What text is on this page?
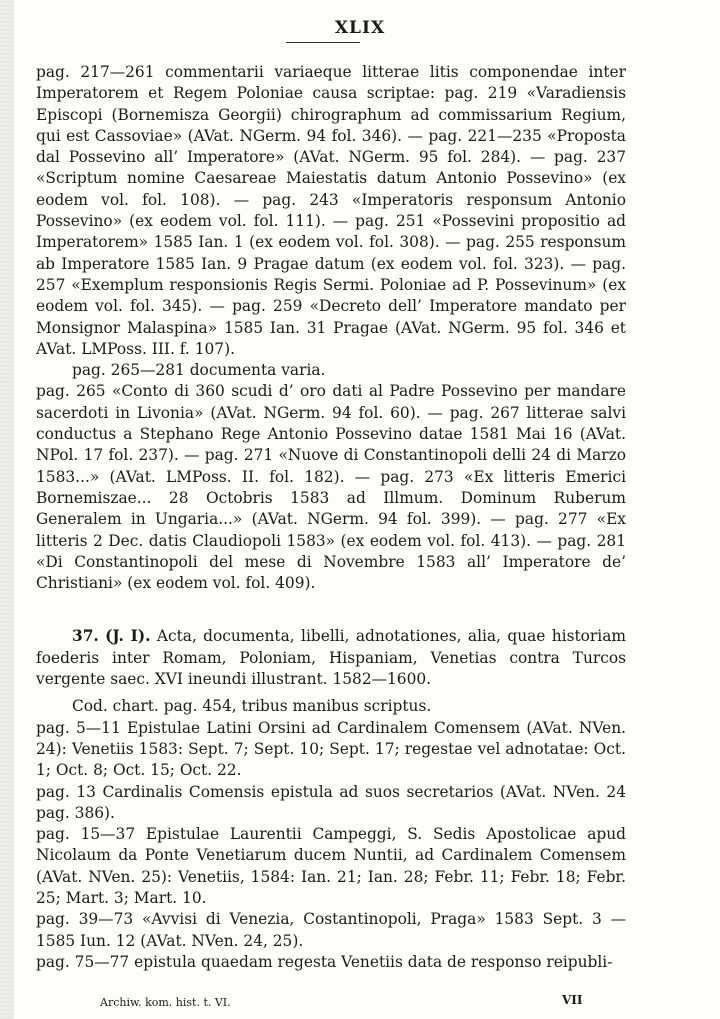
XLIX

pag. 217—261 commentarii variaeque litterae litis componendae inter Imperatorem et Regem Poloniae causa scriptae: pag. 219 «Varadiensis Episcopi (Bornemisza Georgii) chirographum ad commissarium Regium, qui est Cassoviae» (AVat. NGerm. 94 fol. 346). — pag. 221—235 «Proposta dal Possevino all’ Imperatore» (AVat. NGerm. 95 fol. 284). — pag. 237 «Scriptum nomine Caesareae Maiestatis datum Antonio Possevino» (ex eodem vol. fol. 108). — pag. 243 «Imperatoris responsum Antonio Possevino» (ex eodem vol. fol. 111). — pag. 251 «Possevini propositio ad Imperatorem» 1585 Ian. 1 (ex eodem vol. fol. 308). — pag. 255 responsum ab Imperatore 1585 Ian. 9 Pragae datum (ex eodem vol. fol. 323). — pag. 257 «Exemplum responsionis Regis Sermi. Poloniae ad P. Possevinum» (ex eodem vol. fol. 345). — pag. 259 «Decreto dell’ Imperatore mandato per Monsignor Malaspina» 1585 Ian. 31 Pragae (AVat. NGerm. 95 fol. 346 et AVat. LMPoss. III. f. 107).

pag. 265—281 documenta varia.

pag. 265 «Conto di 360 scudi d’ oro dati al Padre Possevino per mandare sacerdoti in Livonia» (AVat. NGerm. 94 fol. 60). — pag. 267 litterae salvi conductus a Stephano Rege Antonio Possevino datae 1581 Mai 16 (AVat. NPol. 17 fol. 237). — pag. 271 «Nuove di Constantinopoli delli 24 di Marzo 1583...» (AVat. LMPoss. II. fol. 182). — pag. 273 «Ex litteris Emerici Bornemiszae... 28 Octobris 1583 ad Illmum. Dominum Ruberum Generalem in Ungaria...» (AVat. NGerm. 94 fol. 399). — pag. 277 «Ex litteris 2 Dec. datis Claudiopoli 1583» (ex eodem vol. fol. 413). — pag. 281 «Di Constantinopoli del mese di Novembre 1583 all’ Imperatore de’ Christiani» (ex eodem vol. fol. 409).

37. (J. I). Acta, documenta, libelli, adnotationes, alia, quae historiam foederis inter Romam, Poloniam, Hispaniam, Venetias contra Turcos vergente saec. XVI ineundi illustrant. 1582—1600.

Cod. chart. pag. 454, tribus manibus scriptus.

pag. 5—11 Epistulae Latini Orsini ad Cardinalem Comensem (AVat. NVen. 24): Venetiis 1583: Sept. 7; Sept. 10; Sept. 17; regestae vel adnotatae: Oct. 1; Oct. 8; Oct. 15; Oct. 22.

pag. 13 Cardinalis Comensis epistula ad suos secretarios (AVat. NVen. 24 pag. 386).

pag. 15—37 Epistulae Laurentii Campeggi, S. Sedis Apostolicae apud Nicolaum da Ponte Venetiarum ducem Nuntii, ad Cardinalem Comensem (AVat. NVen. 25): Venetiis, 1584: Ian. 21; Ian. 28; Febr. 11; Febr. 18; Febr. 25; Mart. 3; Mart. 10.

pag. 39—73 «Avvisi di Venezia, Costantinopoli, Praga» 1583 Sept. 3 — 1585 Iun. 12 (AVat. NVen. 24, 25).

pag. 75—77 epistula quaedam regesta Venetiis data de responso reipubli-

Archiw. kom. hist. t. VI.	VII
